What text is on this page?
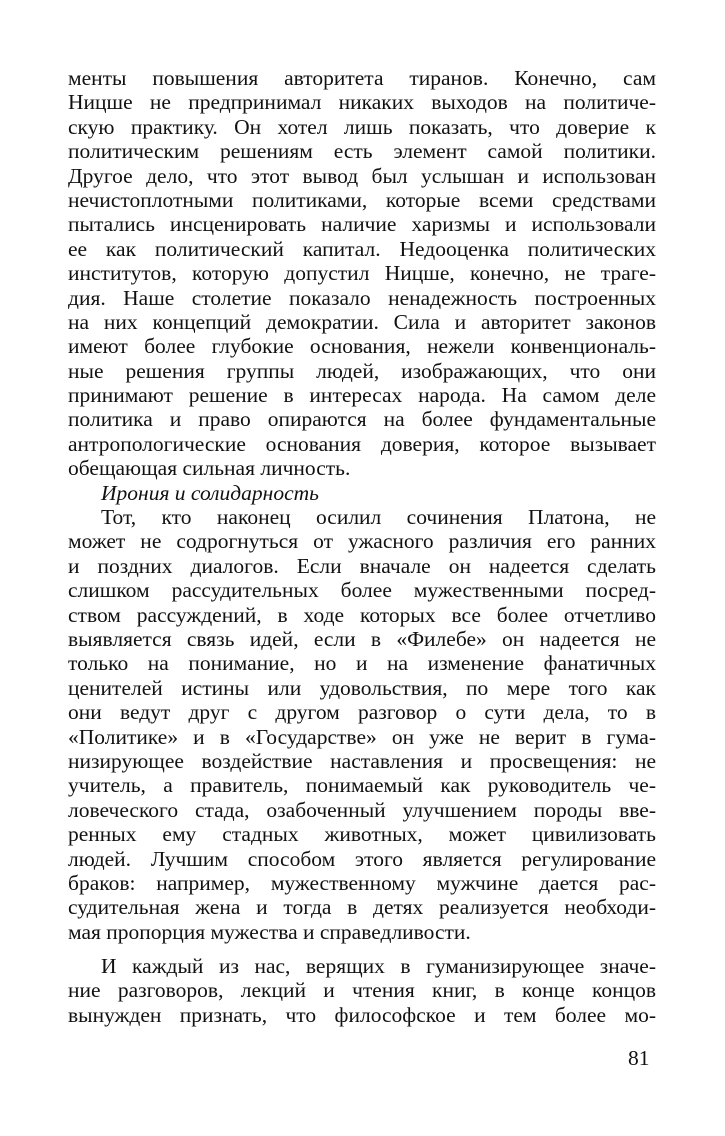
менты повышения авторитета тиранов. Конечно, сам
Ницше не предпринимал никаких выходов на политиче-
скую практику. Он хотел лишь показать, что доверие к
политическим решениям есть элемент самой политики.
Другое дело, что этот вывод был услышан и использован
нечистоплотными политиками, которые всеми средствами
пытались инсценировать наличие харизмы и использовали
ее как политический капитал. Недооценка политических
институтов, которую допустил Ницше, конечно, не траге-
дия. Наше столетие показало ненадежность построенных
на них концепций демократии. Сила и авторитет законов
имеют более глубокие основания, нежели конвенциональ-
ные решения группы людей, изображающих, что они
принимают решение в интересах народа. На самом деле
политика и право опираются на более фундаментальные
антропологические основания доверия, которое вызывает
обещающая сильная личность.
Ирония и солидарность
Тот, кто наконец осилил сочинения Платона, не
может не содрогнуться от ужасного различия его ранних
и поздних диалогов. Если вначале он надеется сделать
слишком рассудительных более мужественными посред-
ством рассуждений, в ходе которых все более отчетливо
выявляется связь идей, если в «Филебе» он надеется не
только на понимание, но и на изменение фанатичных
ценителей истины или удовольствия, по мере того как
они ведут друг с другом разговор о сути дела, то в
«Политике» и в «Государстве» он уже не верит в гума-
низирующее воздействие наставления и просвещения: не
учитель, а правитель, понимаемый как руководитель че-
ловеческого стада, озабоченный улучшением породы вве-
ренных ему стадных животных, может цивилизовать
людей. Лучшим способом этого является регулирование
браков: например, мужественному мужчине дается рас-
судительная жена и тогда в детях реализуется необходи-
мая пропорция мужества и справедливости.
И каждый из нас, верящих в гуманизирующее значе-
ние разговоров, лекций и чтения книг, в конце концов
вынужден признать, что философское и тем более мо-
81
